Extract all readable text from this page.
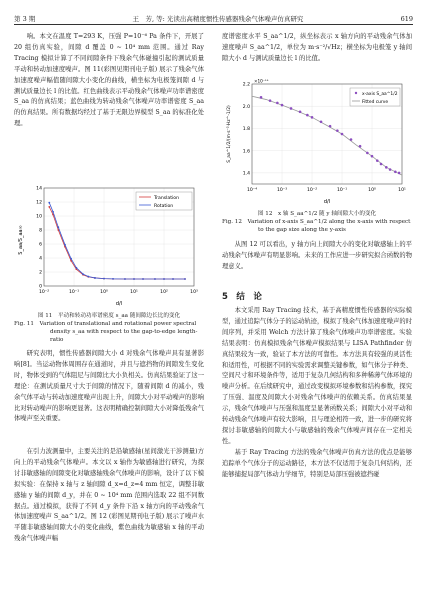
第 3 期	王　芳, 等: 光读出高精度惯性传感器残余气体噪声仿真研究	619

响。本文在温度 T=293 K，压强 P=10⁻⁶ Pa 条件下，开展了 20 组仿真实验，间隙 d 覆盖 0 ~ 10⁴ mm 范围。通过 Ray Tracing 模拟计算了不同间隙条件下残余气体碰撞引起的测试质量平动和转动加速度噪声。图 11(彩图见期刊电子版) 展示了残余气体加速度噪声幅值随间隙大小变化的曲线，横坐标为电极笼间隙 d 与测试质量边长 l 的比值。红色曲线表示平动残余气体噪声功率谱密度 S_aa 的仿真结果；蓝色曲线为转动残余气体噪声功率谱密度 S_aa 的仿真结果。所有数据均经过了基于无限边界模型 S_aa 的标准化处理。

10⁻²	10⁻¹	10⁰	10¹	10²	10³
0
2
4
6
8
10
12
14
Translation
Rotation
S_aa/S_aa∞
d/l
图 11　平动和转动功率谱密度 s_aa 随间隙边长比的变化
Fig. 11　Variation of translational and rotational power spectral density s_aa with respect to the gap-to-edge length-ratio

研究表明，惯性传感器间隙大小 d 对残余气体噪声具有显著影响[8]。当运动物体周围存在通道时，并且与遮挡物的间隙发生变化时，物体受到的气体阻尼与间隙比大小负相关。仿真结果验证了这一理论：在测试质量尺寸大于间隙的情况下，随着间隙 d 的减小，残余气体平动与转动加速度噪声出现上升，间隙大小对平动噪声的影响比对转动噪声的影响更显著。这表明精确控制间隙大小对降低残余气体噪声至关重要。

在引力波测量中，主要关注的是沿敏感轴(星间激光干涉测量)方向上的平动残余气体噪声。本文以 x 轴作为敏感轴进行研究，为探讨非敏感轴的间隙变化对敏感轴残余气体噪声的影响，设计了以下模拟实验：在保持 x 轴与 z 轴间隙 d_x=d_z=4 mm 恒定，调整非敏感轴 y 轴的间隙 d_y，并在 0 ~ 10⁴ mm 范围内选取 22 组不同数据点。通过模拟，获得了不同 d_y 条件下沿 x 轴方向的平动残余气体加速度噪声 S_aa^1/2。图 12 (彩图见期刊电子版) 展示了噪声水平随非敏感轴间隙大小的变化曲线，紫色曲线为敏感轴 x 轴的平动残余气体噪声幅

度谱密度水平 S_aa^1/2，纵坐标表示 x 轴方向的平动残余气体加速度噪声 S_aa^1/2，单位为 m·s⁻²/√Hz；横坐标为电极笼 y 轴间隙大小 d 与测试质量边长 l 的比值。

10⁻⁴	10⁻³	10⁻²	10⁻¹	10⁰	10¹
1.4
1.6
1.8
2.0
2.2
×10⁻¹⁵
x-axis S_aa^1/2
Fitted curve
S_aa^1/2/(m·s⁻²·Hz^-1/2)
d/l
图 12　x 轴 S_aa^1/2 随 y 轴间隙大小的变化
Fig. 12　Variation of x-axis S_aa^1/2 along the x-axis with respect to the gap size along the y-axis

从图 12 可以看出，y 轴方向上间隙大小的变化对敏感轴上的平动残余气体噪声有明显影响。未来的工作应进一步研究拟合函数的物理意义。

5　结　论

本文采用 Ray Tracing 技术，基于高精度惯性传感器的实际模型，通过追踪气体分子的运动轨迹，模拟了残余气体加速度噪声的时间序列，并采用 Welch 方法计算了残余气体噪声功率谱密度。实验结果表明：仿真模拟残余气体噪声模拟结果与 LISA Pathfinder 仿真结果较为一致，验证了本方法的可靠性。本方法具有较强的灵活性和适用性，可根据不同的实验需求调整关键参数，如气体分子种类、空间尺寸和环境条件等，适用于复杂几何结构和多种稀薄气体环境的噪声分析。在后续研究中，通过改变模拟环境参数和结构参数，探究了压强、温度及间隙大小对残余气体噪声的依赖关系。仿真结果显示，残余气体噪声与压强和温度呈显著函数关系；间隙大小对平动和转动残余气体噪声有较大影响，且与理论相符一致，进一步的研究将探讨非敏感轴的间隙大小与敏感轴的残余气体噪声间存在一定相关性。

基于 Ray Tracing 方法的残余气体噪声仿真方法的优点是能够追踪单个气体分子的运动路径，本方法不仅适用于复杂几何结构，还能够捕捉局部气体动力学细节，特别是局部压强被遮挡碰
